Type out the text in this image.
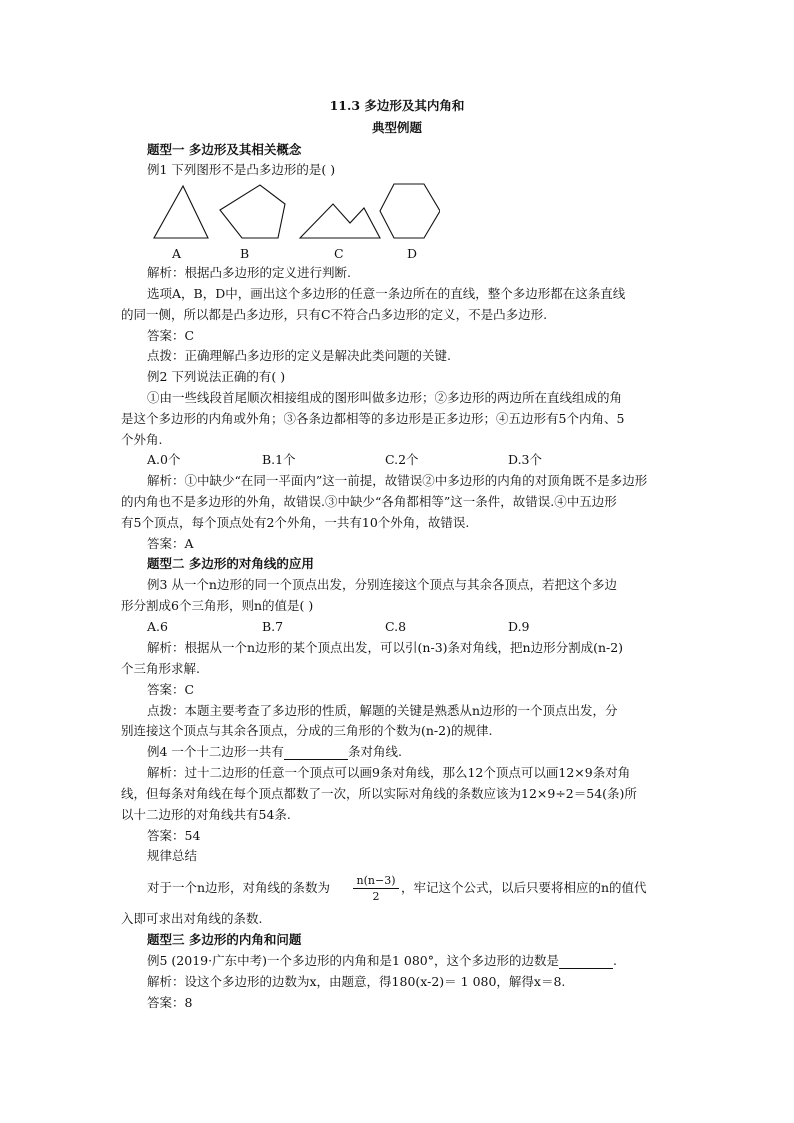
11.3 多边形及其内角和
典型例题
题型一 多边形及其相关概念
例1 下列图形不是凸多边形的是( )
A	B	C	D
解析：根据凸多边形的定义进行判断.
选项A，B，D中，画出这个多边形的任意一条边所在的直线，整个多边形都在这条直线
的同一侧，所以都是凸多边形，只有C不符合凸多边形的定义，不是凸多边形.
答案：C
点拨：正确理解凸多边形的定义是解决此类问题的关键.
例2 下列说法正确的有( )
①由一些线段首尾顺次相接组成的图形叫做多边形；②多边形的两边所在直线组成的角
是这个多边形的内角或外角；③各条边都相等的多边形是正多边形；④五边形有5个内角、5
个外角.
A.0个	B.1个	C.2个	D.3个
解析：①中缺少“在同一平面内”这一前提，故错误②中多边形的内角的对顶角既不是多边形
的内角也不是多边形的外角，故错误.③中缺少“各角都相等”这一条件，故错误.④中五边形
有5个顶点，每个顶点处有2个外角，一共有10个外角，故错误.
答案：A
题型二 多边形的对角线的应用
例3 从一个n边形的同一个顶点出发，分别连接这个顶点与其余各顶点，若把这个多边
形分割成6个三角形，则n的值是( )
A.6	B.7	C.8	D.9
解析：根据从一个n边形的某个顶点出发，可以引(n-3)条对角线，把n边形分割成(n-2)
个三角形求解.
答案：C
点拨：本题主要考查了多边形的性质，解题的关键是熟悉从n边形的一个顶点出发，分
别连接这个顶点与其余各顶点，分成的三角形的个数为(n-2)的规律.
例4 一个十二边形一共有	条对角线.
解析：过十二边形的任意一个顶点可以画9条对角线，那么12个顶点可以画12×9条对角
线，但每条对角线在每个顶点都数了一次，所以实际对角线的条数应该为12×9÷2＝54(条)所
以十二边形的对角线共有54条.
答案：54
规律总结
对于一个n边形，对角线的条数为 $\frac{n(n-3)}{2}$ ，牢记这个公式，以后只要将相应的n的值代
入即可求出对角线的条数.
题型三 多边形的内角和问题
例5 (2019·广东中考)一个多边形的内角和是1 080°，这个多边形的边数是	.
解析：设这个多边形的边数为x，由题意，得180(x-2)＝ 1 080，解得x＝8.
答案：8
